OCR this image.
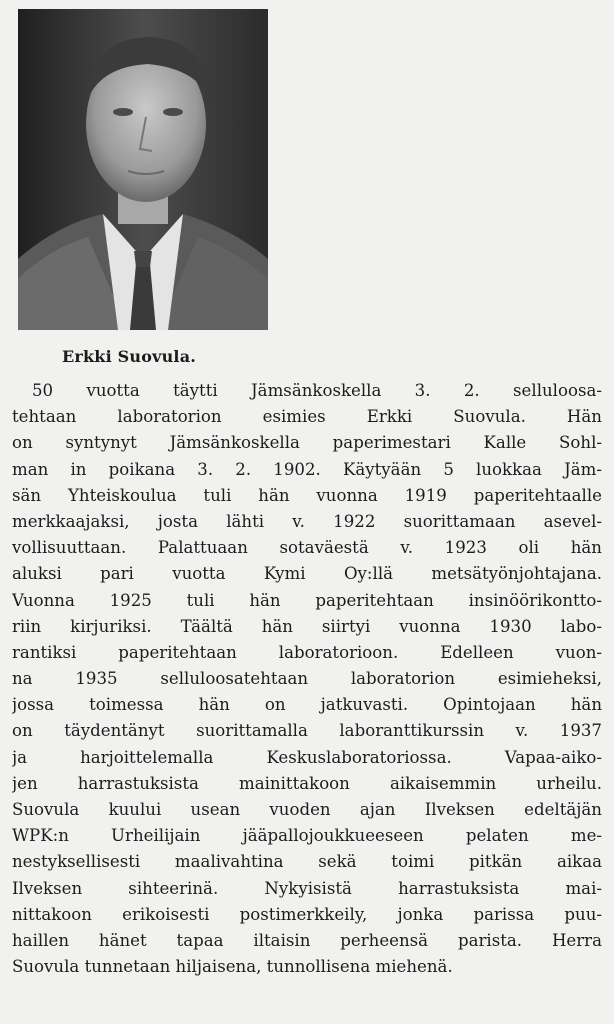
Erkki Suovula.
50 vuotta täytti Jämsänkoskella 3. 2. selluloosa-
tehtaan laboratorion esimies Erkki Suovula. Hän
on syntynyt Jämsänkoskella paperimestari Kalle Sohl-
man in poikana 3. 2. 1902. Käytyään 5 luokkaa Jäm-
sän Yhteiskoulua tuli hän vuonna 1919 paperitehtaalle
merkkaajaksi, josta lähti v. 1922 suorittamaan asevel-
vollisuuttaan. Palattuaan sotaväestä v. 1923 oli hän
aluksi pari vuotta Kymi Oy:llä metsätyönjohtajana.
Vuonna 1925 tuli hän paperitehtaan insinöörikontto-
riin kirjuriksi. Täältä hän siirtyi vuonna 1930 labo-
rantiksi paperitehtaan laboratorioon. Edelleen vuon-
na 1935 selluloosatehtaan laboratorion esimieheksi,
jossa toimessa hän on jatkuvasti. Opintojaan hän
on täydentänyt suorittamalla laboranttikurssin v. 1937
ja harjoittelemalla Keskuslaboratoriossa. Vapaa-aiko-
jen harrastuksista mainittakoon aikaisemmin urheilu.
Suovula kuului usean vuoden ajan Ilveksen edeltäjän
WPK:n Urheilijain jääpallojoukkueeseen pelaten me-
nestyksellisesti maalivahtina sekä toimi pitkän aikaa
Ilveksen sihteerinä. Nykyisistä harrastuksista mai-
nittakoon erikoisesti postimerkkeily, jonka parissa puu-
haillen hänet tapaa iltaisin perheensä parista. Herra
Suovula tunnetaan hiljaisena, tunnollisena miehenä.
